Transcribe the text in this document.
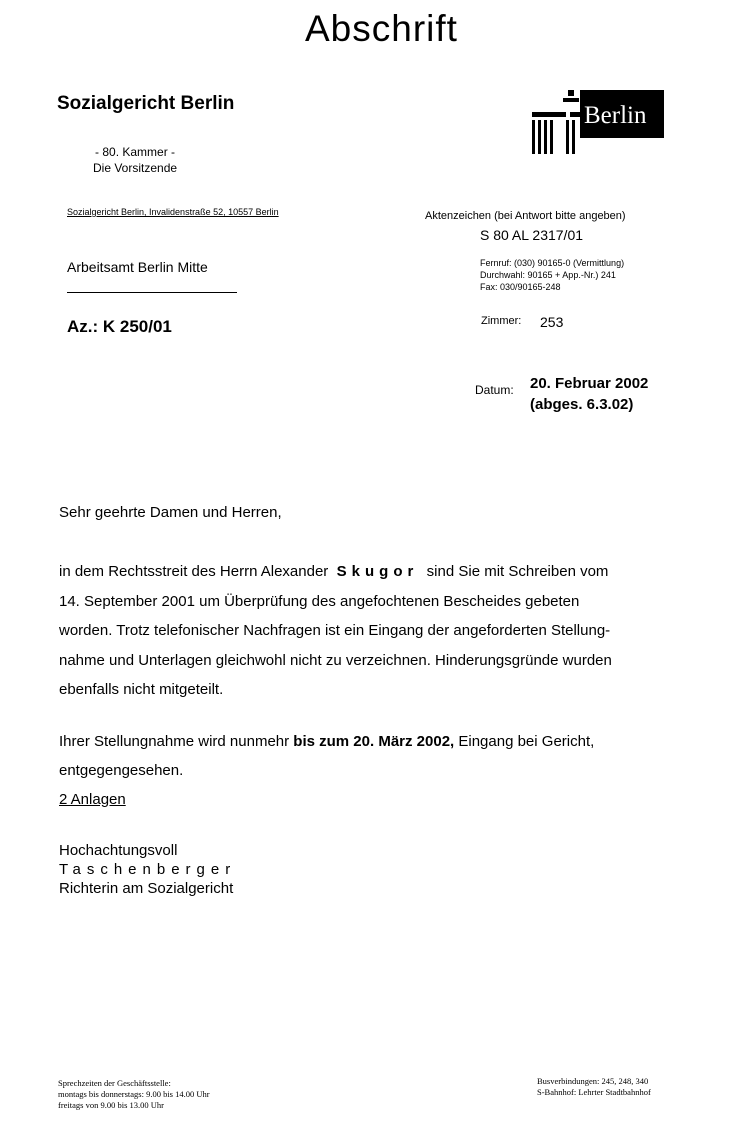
Abschrift
Sozialgericht Berlin
- 80. Kammer -
Die Vorsitzende
Berlin
Sozialgericht Berlin, Invalidenstraße 52, 10557 Berlin	Aktenzeichen (bei Antwort bitte angeben)
S 80 AL 2317/01
Arbeitsamt Berlin Mitte	Fernruf: (030) 90165-0 (Vermittlung)
Durchwahl: 90165 + App.-Nr.) 241
Fax: 030/90165-248
Az.: K 250/01	Zimmer: 253
Datum: 20. Februar 2002
(abges. 6.3.02)
Sehr geehrte Damen und Herren,
in dem Rechtsstreit des Herrn Alexander Skugor sind Sie mit Schreiben vom
14. September 2001 um Überprüfung des angefochtenen Bescheides gebeten
worden. Trotz telefonischer Nachfragen ist ein Eingang der angeforderten Stellung-
nahme und Unterlagen gleichwohl nicht zu verzeichnen. Hinderungsgründe wurden
ebenfalls nicht mitgeteilt.
Ihrer Stellungnahme wird nunmehr bis zum 20. März 2002, Eingang bei Gericht,
entgegengesehen.
2 Anlagen
Hochachtungsvoll
Taschenberger
Richterin am Sozialgericht
Sprechzeiten der Geschäftsstelle:
montags bis donnerstags: 9.00 bis 14.00 Uhr
freitags von 9.00 bis 13.00 Uhr
Busverbindungen: 245, 248, 340
S-Bahnhof: Lehrter Stadtbahnhof
